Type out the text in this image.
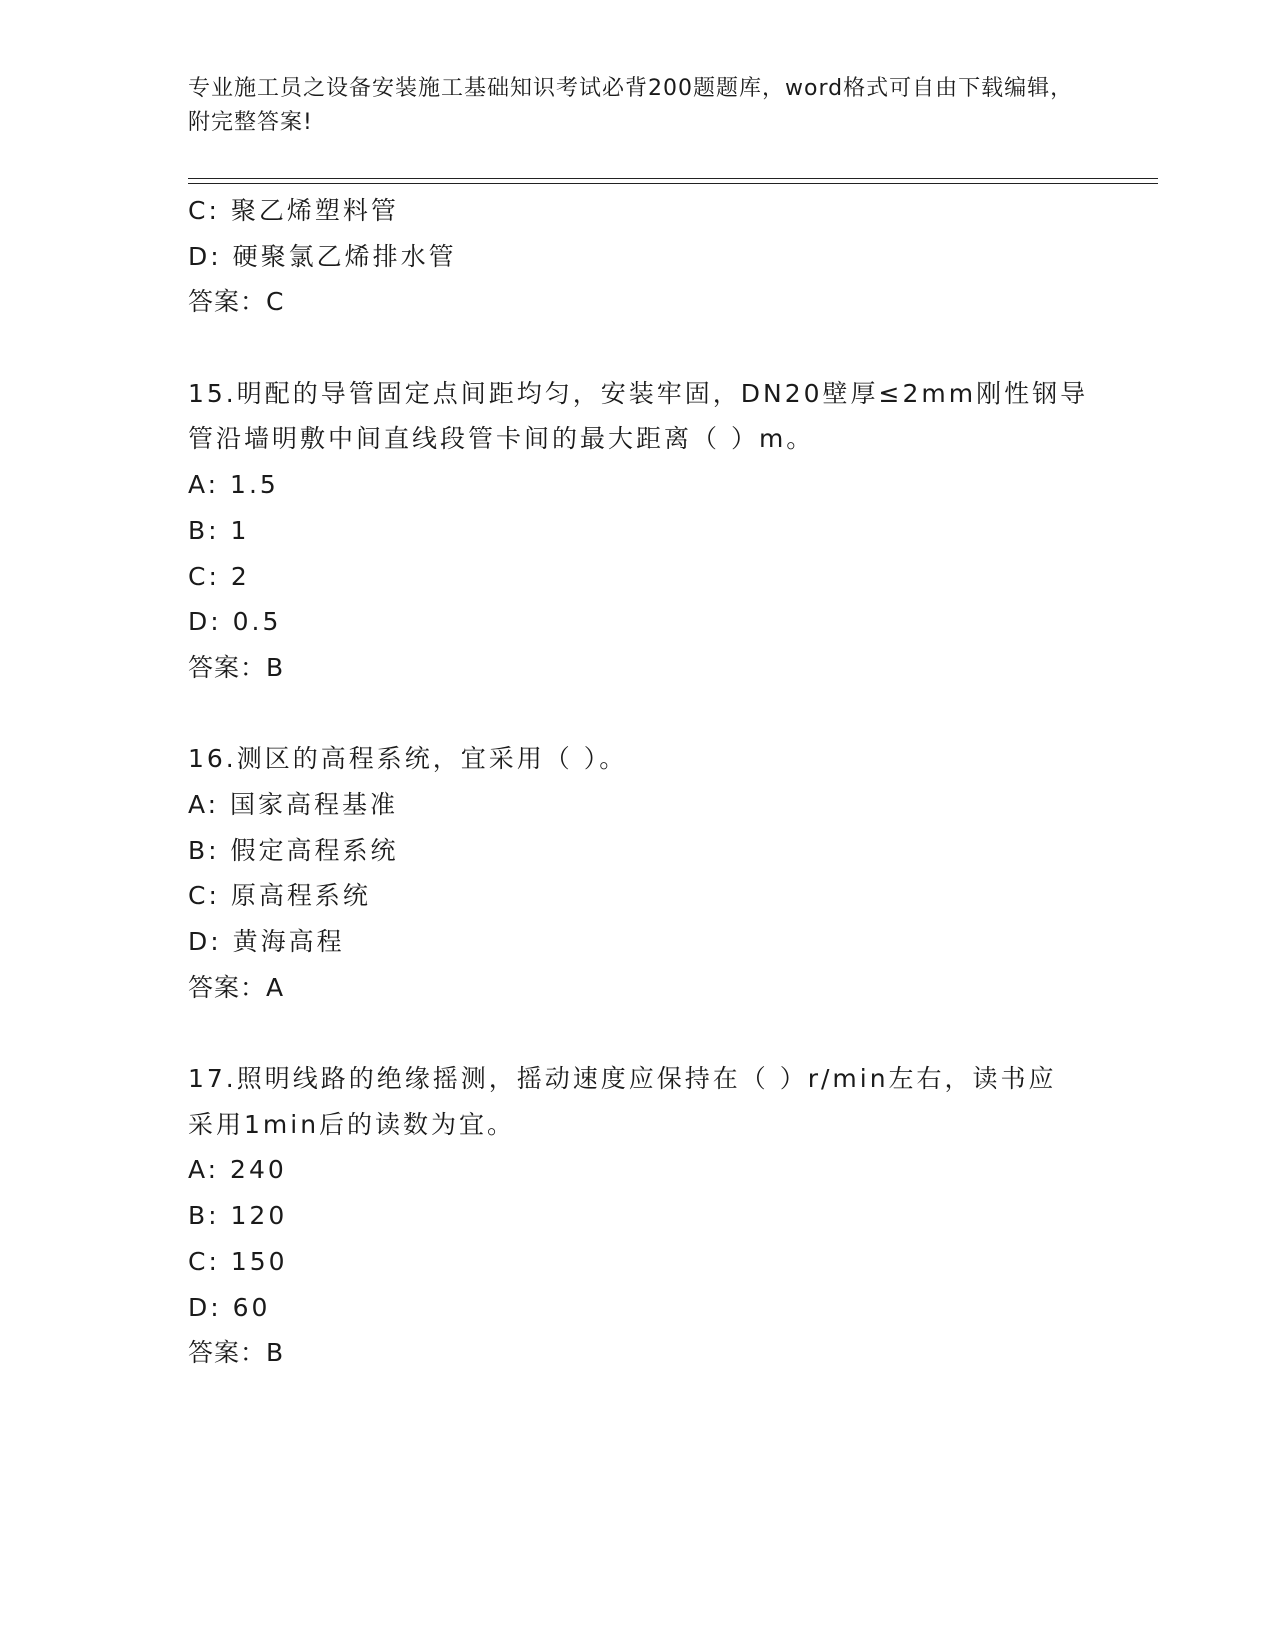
专业施工员之设备安装施工基础知识考试必背200题题库，word格式可自由下载编辑，附完整答案!
C: 聚乙烯塑料管
D: 硬聚氯乙烯排水管
答案：C
15.明配的导管固定点间距均匀，安装牢固，DN20壁厚≤2mm刚性钢导
管沿墙明敷中间直线段管卡间的最大距离（ ）m。
A: 1.5
B: 1
C: 2
D: 0.5
答案：B
16.测区的高程系统，宜采用（ ）。
A: 国家高程基准
B: 假定高程系统
C: 原高程系统
D: 黄海高程
答案：A
17.照明线路的绝缘摇测，摇动速度应保持在（ ）r/min左右，读书应
采用1min后的读数为宜。
A: 240
B: 120
C: 150
D: 60
答案：B
